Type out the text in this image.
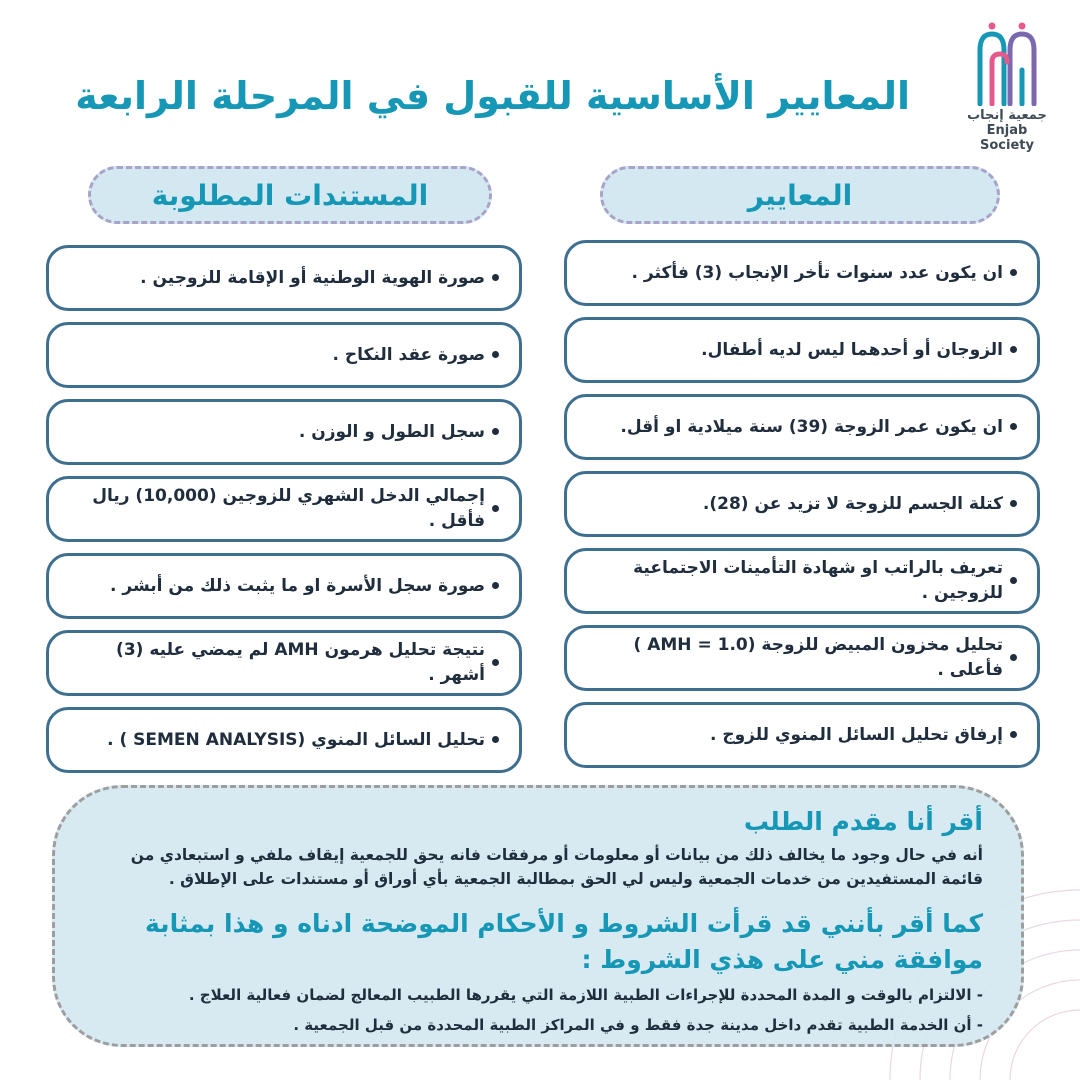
جمعية إنجاب
Enjab Society
المعايير الأساسية للقبول في المرحلة الرابعة
المعايير
المستندات المطلوبة
ان يكون عدد سنوات تأخر الإنجاب (3) فأكثر .
الزوجان أو أحدهما ليس لديه أطفال.
ان يكون عمر الزوجة (39) سنة ميلادية او أقل.
كتلة الجسم للزوجة لا تزيد عن (28).
تعريف بالراتب او شهادة التأمينات الاجتماعية للزوجين .
تحليل مخزون المبيض للزوجة (AMH = 1.0 ) فأعلى .
إرفاق تحليل السائل المنوي للزوج .
صورة الهوية الوطنية أو الإقامة للزوجين .
صورة عقد النكاح .
سجل الطول و الوزن .
إجمالي الدخل الشهري للزوجين (10,000) ريال فأقل .
صورة سجل الأسرة او ما يثبت ذلك من أبشر .
نتيجة تحليل هرمون AMH لم يمضي عليه (3) أشهر .
تحليل السائل المنوي (SEMEN ANALYSIS ) .
أقر أنا مقدم الطلب

أنه في حال وجود ما يخالف ذلك من بيانات أو معلومات أو مرفقات فانه يحق للجمعية إيقاف ملفي و استبعادي من قائمة المستفيدين من خدمات الجمعية وليس لي الحق بمطالبة الجمعية بأي أوراق أو مستندات على الإطلاق .

كما أقر بأنني قد قرأت الشروط و الأحكام الموضحة ادناه و هذا بمثابة موافقة مني على هذي الشروط :

- الالتزام بالوقت و المدة المحددة للإجراءات الطبية اللازمة التي يقررها الطبيب المعالج لضمان فعالية العلاج .

- أن الخدمة الطبية تقدم داخل مدينة جدة فقط و في المراكز الطبية المحددة من قبل الجمعية .
